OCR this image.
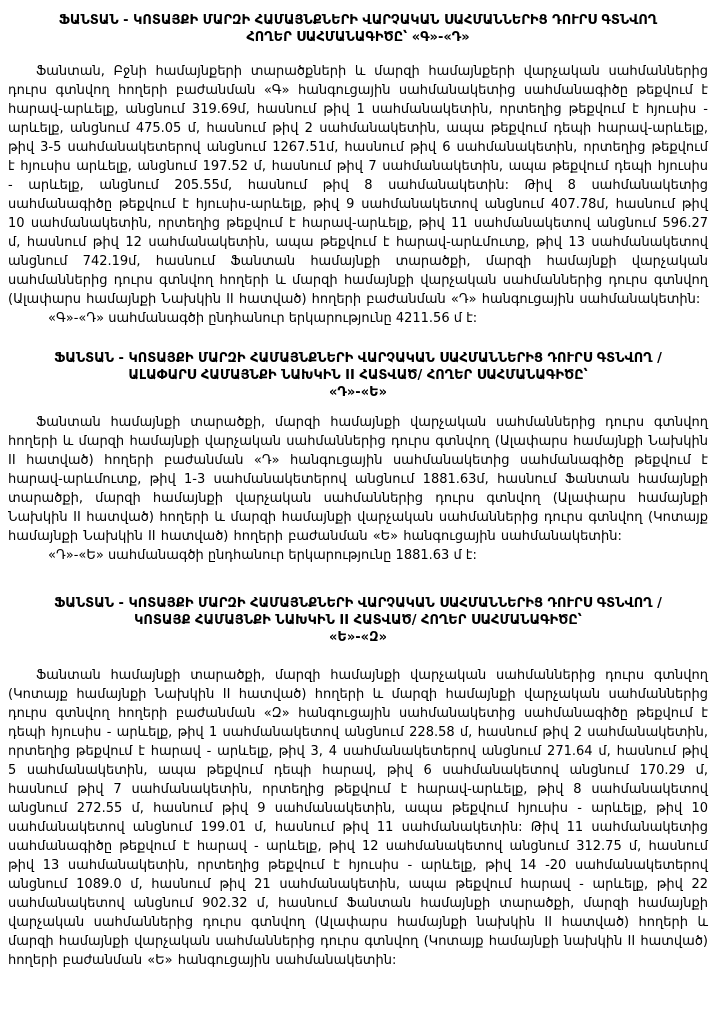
ՖԱՆՏԱՆ - ԿՈՏԱՅՔԻ ՄԱՐԶԻ ՀԱՄԱՅՆՔՆԵՐԻ ՎԱՐՉԱԿԱՆ ՍԱՀՄԱՆՆԵՐԻՑ ԴՈՒՐՍ ԳՏՆՎՈՂ
ՀՈՂԵՐ ՍԱՀՄԱՆԱԳԻԾԸ՝ «Գ»-«Դ»

Ֆանտան, Բջնի համայնքերի տարածքների և մարզի համայնքերի վարչական սահմաններից դուրս գտնվող հողերի բաժանման «Գ» հանգուցային սահմանակետից սահմանագիծը թեքվում է հարավ-արևելք, անցնում 319.69մ, հասնում թիվ 1 սահմանակետին, որտեղից թեքվում է հյուսիս - արևելք, անցնում 475.05 մ, հասնում թիվ 2 սահմանակետին, ապա թեքվում դեպի հարավ-արևելք, թիվ 3-5 սահմանակետերով անցնում 1267.51մ, հասնում թիվ 6 սահմանակետին, որտեղից թեքվում է հյուսիս արևելք, անցնում 197.52 մ, հասնում թիվ 7 սահմանակետին, ապա թեքվում դեպի հյուսիս - արևելք, անցնում 205.55մ, հասնում թիվ 8 սահմանակետին: Թիվ 8 սահմանակետից սահմանագիծը թեքվում է հյուսիս-արևելք, թիվ 9 սահմանակետով անցնում 407.78մ, հասնում թիվ 10 սահմանակետին, որտեղից թեքվում է հարավ-արևելք, թիվ 11 սահմանակետով անցնում 596.27 մ, հասնում թիվ 12 սահմանակետին, ապա թեքվում է հարավ-արևմուտք, թիվ 13 սահմանակետով անցնում 742.19մ, հասնում Ֆանտան համայնքի տարածքի, մարզի համայնքի վարչական սահմաններից դուրս գտնվող հողերի և մարզի համայնքի վարչական սահմաններից դուրս գտնվող (Ալափարս համայնքի Նախկին II հատված) հողերի բաժանման «Դ» հանգուցային սահմանակետին:

«Գ»-«Դ» սահմանագծի ընդհանուր երկարությունը 4211.56 մ է:

ՖԱՆՏԱՆ - ԿՈՏԱՅՔԻ ՄԱՐԶԻ ՀԱՄԱՅՆՔՆԵՐԻ ՎԱՐՉԱԿԱՆ ՍԱՀՄԱՆՆԵՐԻՑ ԴՈՒՐՍ ԳՏՆՎՈՂ /
ԱԼԱՓԱՐՍ ՀԱՄԱՅՆՔԻ ՆԱԽԿԻՆ II ՀԱՏՎԱԾ/ ՀՈՂԵՐ ՍԱՀՄԱՆԱԳԻԾԸ՝
«Դ»-«Ե»

Ֆանտան համայնքի տարածքի, մարզի համայնքի վարչական սահմաններից դուրս գտնվող հողերի և մարզի համայնքի վարչական սահմաններից դուրս գտնվող (Ալափարս համայնքի Նախկին II հատված) հողերի բաժանման «Դ» հանգուցային սահմանակետից սահմանագիծը թեքվում է հարավ-արևմուտք, թիվ 1-3 սահմանակետերով անցնում 1881.63մ, հասնում Ֆանտան համայնքի տարածքի, մարզի համայնքի վարչական սահմաններից դուրս գտնվող (Ալափարս համայնքի Նախկին II հատված) հողերի և մարզի համայնքի վարչական սահմաններից դուրս գտնվող (Կոտայք համայնքի Նախկին II հատված) հողերի բաժանման «Ե» հանգուցային սահմանակետին:

«Դ»-«Ե» սահմանագծի ընդհանուր երկարությունը 1881.63 մ է:

ՖԱՆՏԱՆ - ԿՈՏԱՅՔԻ ՄԱՐԶԻ ՀԱՄԱՅՆՔՆԵՐԻ ՎԱՐՉԱԿԱՆ ՍԱՀՄԱՆՆԵՐԻՑ ԴՈՒՐՍ ԳՏՆՎՈՂ /
ԿՈՏԱՅՔ ՀԱՄԱՅՆՔԻ ՆԱԽԿԻՆ II ՀԱՏՎԱԾ/ ՀՈՂԵՐ ՍԱՀՄԱՆԱԳԻԾԸ՝
«Ե»-«Զ»

Ֆանտան համայնքի տարածքի, մարզի համայնքի վարչական սահմաններից դուրս գտնվող (Կոտայք համայնքի Նախկին II հատված) հողերի և մարզի համայնքի վարչական սահմաններից դուրս գտնվող հողերի բաժանման «Զ» հանգուցային սահմանակետից սահմանագիծը թեքվում է դեպի հյուսիս - արևելք, թիվ 1 սահմանակետով անցնում 228.58 մ, հասնում թիվ 2 սահմանակետին, որտեղից թեքվում է հարավ - արևելք, թիվ 3, 4 սահմանակետերով անցնում 271.64 մ, հասնում թիվ 5 սահմանակետին, ապա թեքվում դեպի հարավ, թիվ 6 սահմանակետով անցնում 170.29 մ, հասնում թիվ 7 սահմանակետին, որտեղից թեքվում է հարավ-արևելք, թիվ 8 սահմանակետով անցնում 272.55 մ, հասնում թիվ 9 սահմանակետին, ապա թեքվում հյուսիս - արևելք, թիվ 10 սահմանակետով անցնում 199.01 մ, հասնում թիվ 11 սահմանակետին: Թիվ 11 սահմանակետից սահմանագիծը թեքվում է հարավ - արևելք, թիվ 12 սահմանակետով անցնում 312.75 մ, հասնում թիվ 13 սահմանակետին, որտեղից թեքվում է հյուսիս - արևելք, թիվ 14 -20 սահմանակետերով անցնում 1089.0 մ, հասնում թիվ 21 սահմանակետին, ապա թեքվում հարավ - արևելք, թիվ 22 սահմանակետով անցնում 902.32 մ, հասնում Ֆանտան համայնքի տարածքի, մարզի համայնքի վարչական սահմաններից դուրս գտնվող (Ալափարս համայնքի նախկին II հատված) հողերի և մարզի համայնքի վարչական սահմաններից դուրս գտնվող (Կոտայք համայնքի նախկին II հատված) հողերի բաժանման «Ե» հանգուցային սահմանակետին:
